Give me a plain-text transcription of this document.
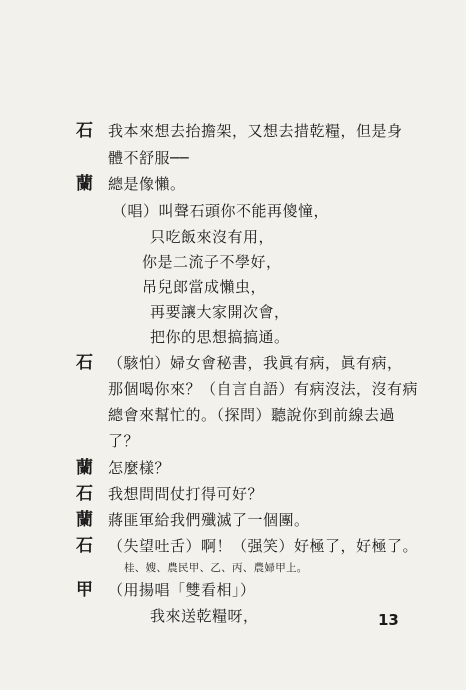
石	我本來想去抬擔架，又想去措乾糧，但是身
體不舒服──
蘭	總是像懶。
（唱）叫聲石頭你不能再傻憧，
只吃飯來沒有用，
你是二流子不學好，
吊兒郎當成懶虫，
再要讓大家開次會，
把你的思想搞搞通。
石	（駭怕）婦女會秘書，我眞有病，眞有病，
那個喝你來？（自言自語）有病沒法，沒有病
總會來幫忙的。（探問）聽說你到前線去過
了？
蘭	怎麼樣？
石	我想問問仗打得可好？
蘭	蔣匪軍給我們殲滅了一個團。
石	（失望吐舌）啊！（强笑）好極了，好極了。
桂、嫂、農民甲、乙、丙、農婦甲上。
甲	（用揚唱「雙看相」）
我來送乾糧呀，	13
